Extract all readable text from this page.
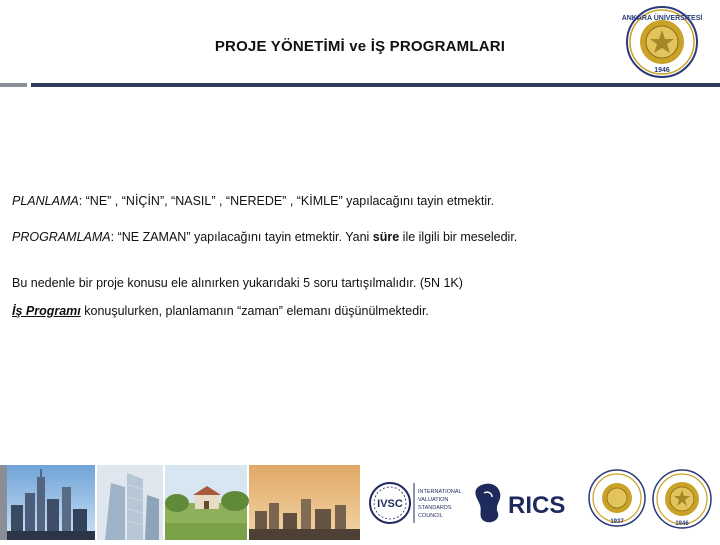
PROJE YÖNETİMİ ve İŞ PROGRAMLARI
ANKARA ÜNİVERSİTESİ
1946

PLANLAMA: “NE” , “NİÇİN”, “NASIL” , “NEREDE” , “KİMLE” yapılacağını tayin etmektir.

PROGRAMLAMA: “NE ZAMAN” yapılacağını tayin etmektir. Yani süre ile ilgili bir meseledir.

Bu nedenle bir proje konusu ele alınırken yukarıdaki 5 soru tartışılmalıdır. (5N 1K)

İş Programı konuşulurken, planlamanın “zaman” elemanı düşünülmektedir.

IVSC
INTERNATIONAL
VALUATION
STANDARDS
COUNCIL	RICS
1937	1946
